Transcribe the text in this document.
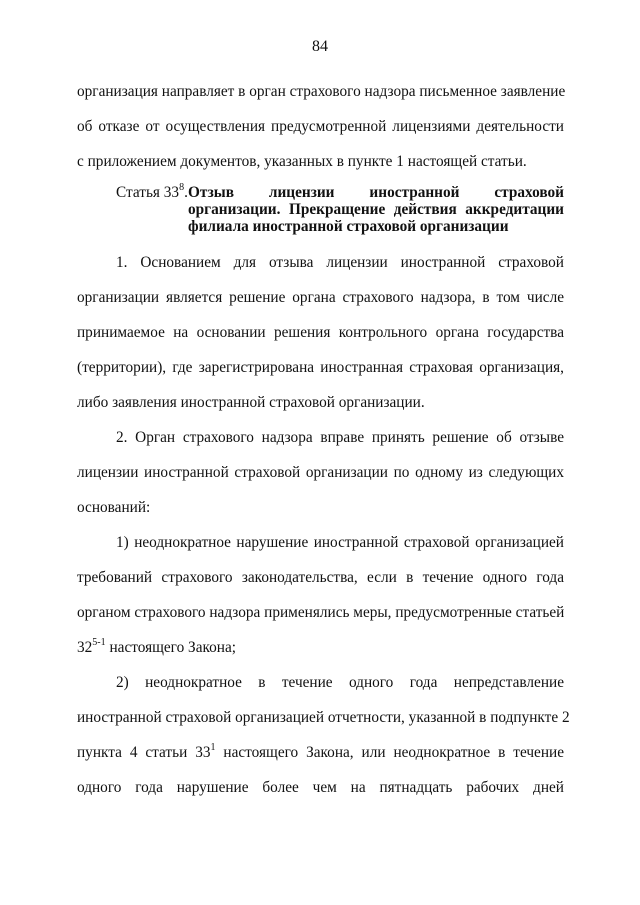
84
организация направляет в орган страхового надзора письменное заявление
об отказе от осуществления предусмотренной лицензиями деятельности
с приложением документов, указанных в пункте 1 настоящей статьи.
Статья $33^8$. Отзыв лицензии иностранной страховой
организации. Прекращение действия аккредитации
филиала иностранной страховой организации
1. Основанием для отзыва лицензии иностранной страховой
организации является решение органа страхового надзора, в том числе
принимаемое на основании решения контрольного органа государства
(территории), где зарегистрирована иностранная страховая организация,
либо заявления иностранной страховой организации.
2. Орган страхового надзора вправе принять решение об отзыве
лицензии иностранной страховой организации по одному из следующих
оснований:
1) неоднократное нарушение иностранной страховой организацией
требований страхового законодательства, если в течение одного года
органом страхового надзора применялись меры, предусмотренные статьей
32$^{5-1}$ настоящего Закона;
2) неоднократное в течение одного года непредставление
иностранной страховой организацией отчетности, указанной в подпункте 2
пункта 4 статьи $33^1$ настоящего Закона, или неоднократное в течение
одного года нарушение более чем на пятнадцать рабочих дней
